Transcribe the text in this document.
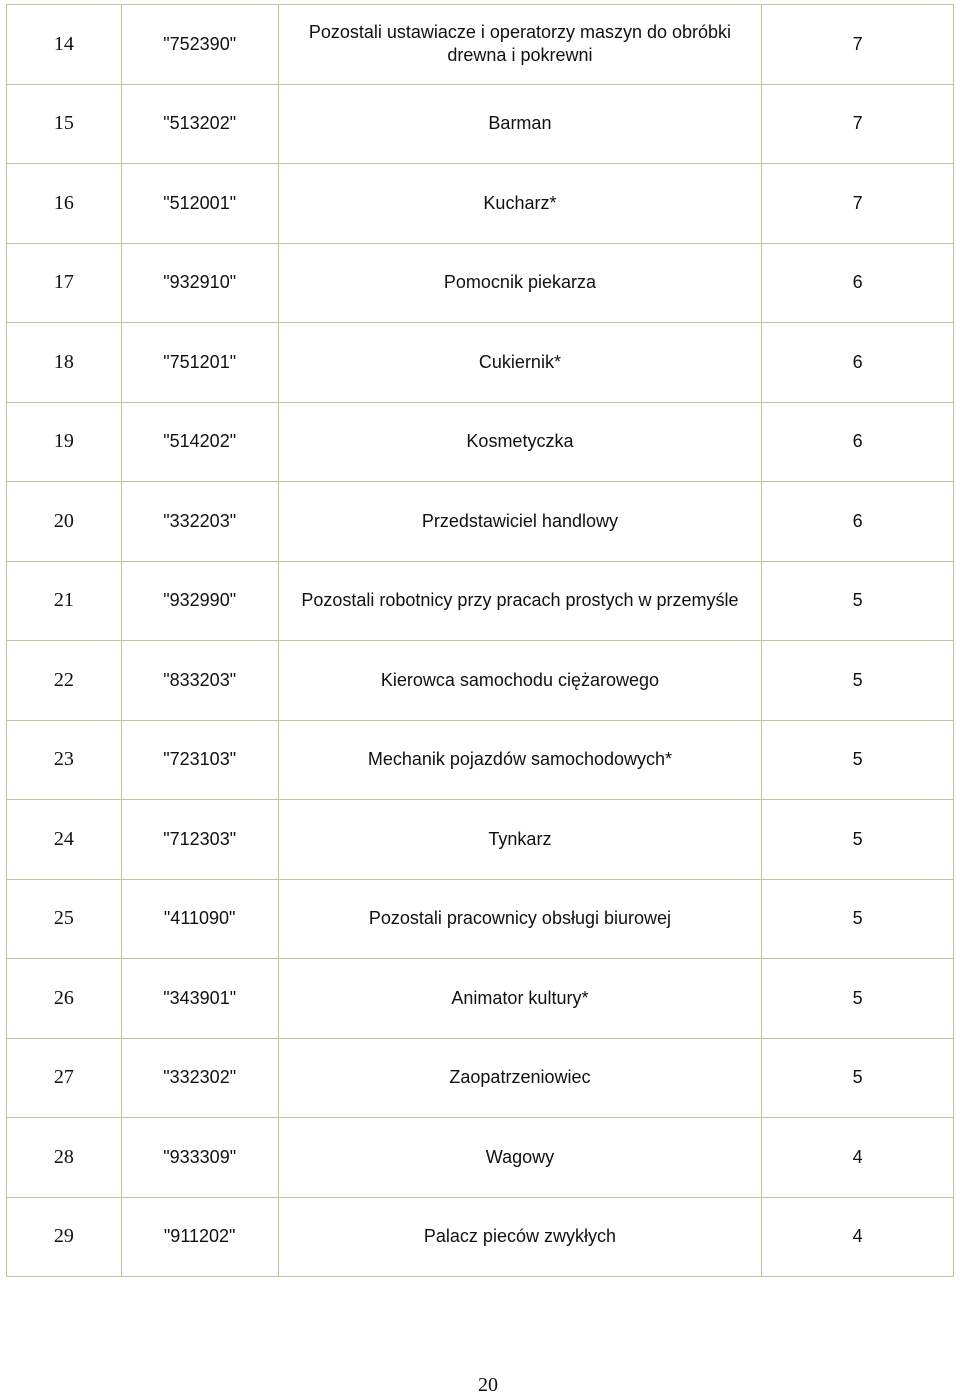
14	"752390"	Pozostali ustawiacze i operatorzy maszyn do obróbki drewna i pokrewni	7
15	"513202"	Barman	7
16	"512001"	Kucharz*	7
17	"932910"	Pomocnik piekarza	6
18	"751201"	Cukiernik*	6
19	"514202"	Kosmetyczka	6
20	"332203"	Przedstawiciel handlowy	6
21	"932990"	Pozostali robotnicy przy pracach prostych w przemyśle	5
22	"833203"	Kierowca samochodu ciężarowego	5
23	"723103"	Mechanik pojazdów samochodowych*	5
24	"712303"	Tynkarz	5
25	"411090"	Pozostali pracownicy obsługi biurowej	5
26	"343901"	Animator kultury*	5
27	"332302"	Zaopatrzeniowiec	5
28	"933309"	Wagowy	4
29	"911202"	Palacz pieców zwykłych	4
20
